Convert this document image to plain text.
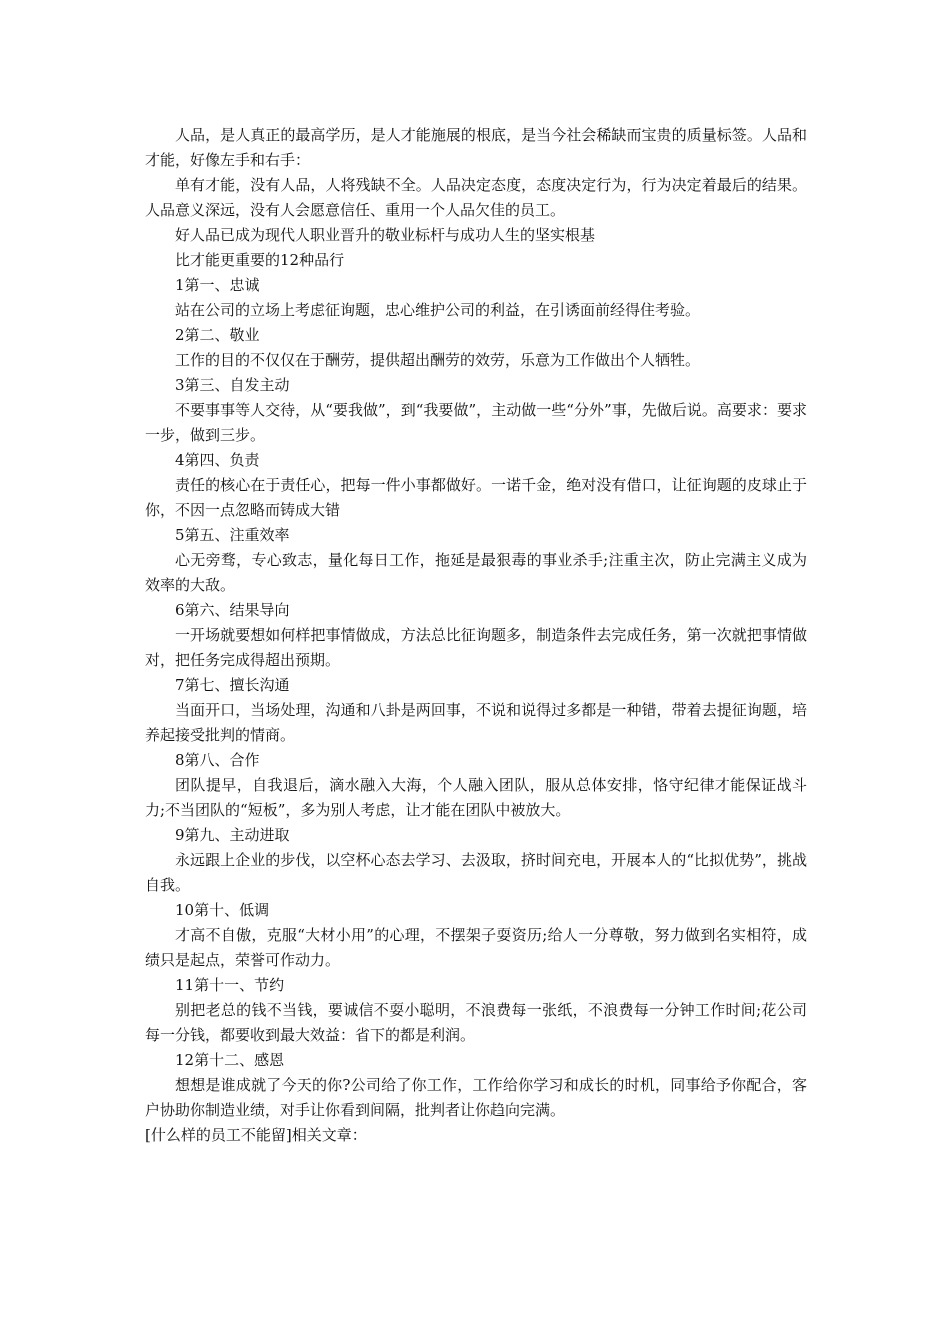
人品，是人真正的最高学历，是人才能施展的根底，是当今社会稀缺而宝贵的质量标签。人品和才能，好像左手和右手：

单有才能，没有人品，人将残缺不全。人品决定态度，态度决定行为，行为决定着最后的结果。人品意义深远，没有人会愿意信任、重用一个人品欠佳的员工。

好人品已成为现代人职业晋升的敬业标杆与成功人生的坚实根基

比才能更重要的12种品行

1第一、忠诚

站在公司的立场上考虑征询题，忠心维护公司的利益，在引诱面前经得住考验。

2第二、敬业

工作的目的不仅仅在于酬劳，提供超出酬劳的效劳，乐意为工作做出个人牺牲。

3第三、自发主动

不要事事等人交待，从“要我做”，到“我要做”，主动做一些“分外”事，先做后说。高要求：要求一步，做到三步。

4第四、负责

责任的核心在于责任心，把每一件小事都做好。一诺千金，绝对没有借口，让征询题的皮球止于你，不因一点忽略而铸成大错

5第五、注重效率

心无旁骛，专心致志，量化每日工作，拖延是最狠毒的事业杀手;注重主次，防止完满主义成为效率的大敌。

6第六、结果导向

一开场就要想如何样把事情做成，方法总比征询题多，制造条件去完成任务，第一次就把事情做对，把任务完成得超出预期。

7第七、擅长沟通

当面开口，当场处理，沟通和八卦是两回事，不说和说得过多都是一种错，带着去提征询题，培养起接受批判的情商。

8第八、合作

团队提早，自我退后，滴水融入大海，个人融入团队，服从总体安排，恪守纪律才能保证战斗力;不当团队的“短板”，多为别人考虑，让才能在团队中被放大。

9第九、主动进取

永远跟上企业的步伐，以空杯心态去学习、去汲取，挤时间充电，开展本人的“比拟优势”，挑战自我。

10第十、低调

才高不自傲，克服“大材小用”的心理，不摆架子耍资历;给人一分尊敬，努力做到名实相符，成绩只是起点，荣誉可作动力。

11第十一、节约

别把老总的钱不当钱，要诚信不耍小聪明，不浪费每一张纸，不浪费每一分钟工作时间;花公司每一分钱，都要收到最大效益：省下的都是利润。

12第十二、感恩

想想是谁成就了今天的你?公司给了你工作，工作给你学习和成长的时机，同事给予你配合，客户协助你制造业绩，对手让你看到间隔，批判者让你趋向完满。

[什么样的员工不能留]相关文章：
